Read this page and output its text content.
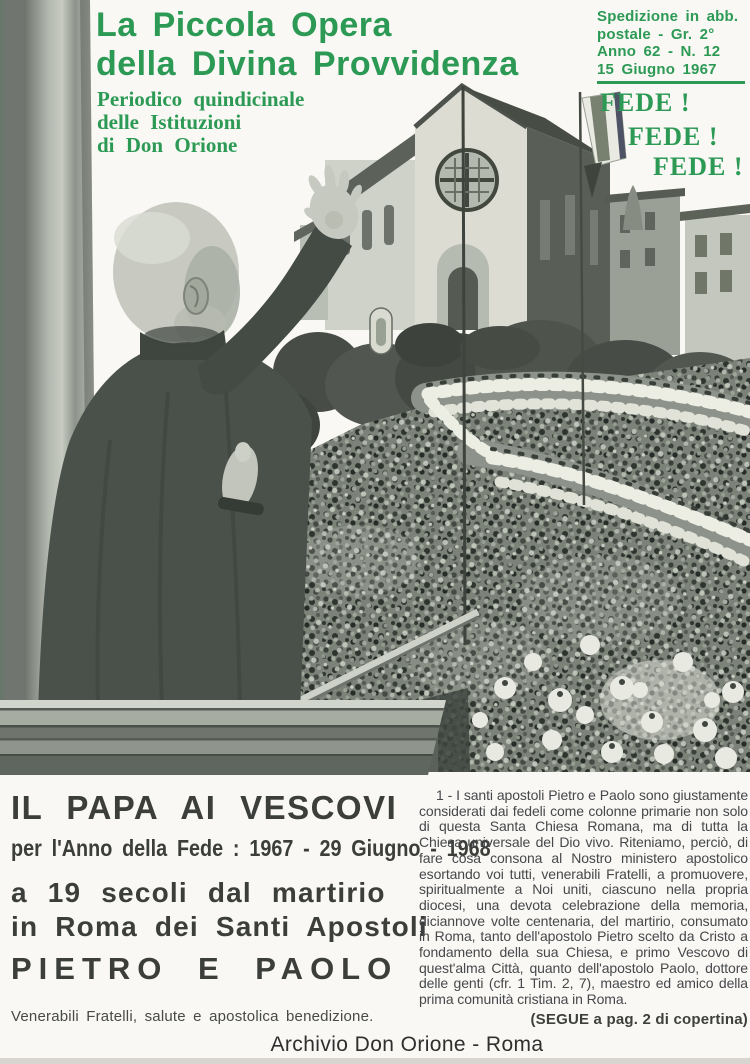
La Piccola Opera
della Divina Provvidenza
Periodico quindicinale
delle Istituzioni
di Don Orione
Spedizione in abb.
postale - Gr. 2°
Anno 62 - N. 12
15 Giugno 1967
FEDE !
FEDE !
FEDE !
IL PAPA AI VESCOVI
per l'Anno della Fede : 1967 - 29 Giugno - 1968
a 19 secoli dal martirio
in Roma dei Santi Apostoli
PIETRO E PAOLO
Venerabili Fratelli, salute e apostolica benedizione.

1 - I santi apostoli Pietro e Paolo sono giustamente considerati dai fedeli come colonne primarie non solo di questa Santa Chiesa Romana, ma di tutta la Chiesa universale del Dio vivo. Riteniamo, perciò, di fare cosa consona al Nostro ministero apostolico esortando voi tutti, venerabili Fratelli, a promuovere, spiritualmente a Noi uniti, ciascuno nella propria diocesi, una devota celebrazione della memoria, diciannove volte centenaria, del martirio, consumato in Roma, tanto dell'apostolo Pietro scelto da Cristo a fondamento della sua Chiesa, e primo Vescovo di quest'alma Città, quanto dell'apostolo Paolo, dottore delle genti (cfr. 1 Tim. 2, 7), maestro ed amico della prima comunità cristiana in Roma.

(SEGUE a pag. 2 di copertina)
Archivio Don Orione - Roma
